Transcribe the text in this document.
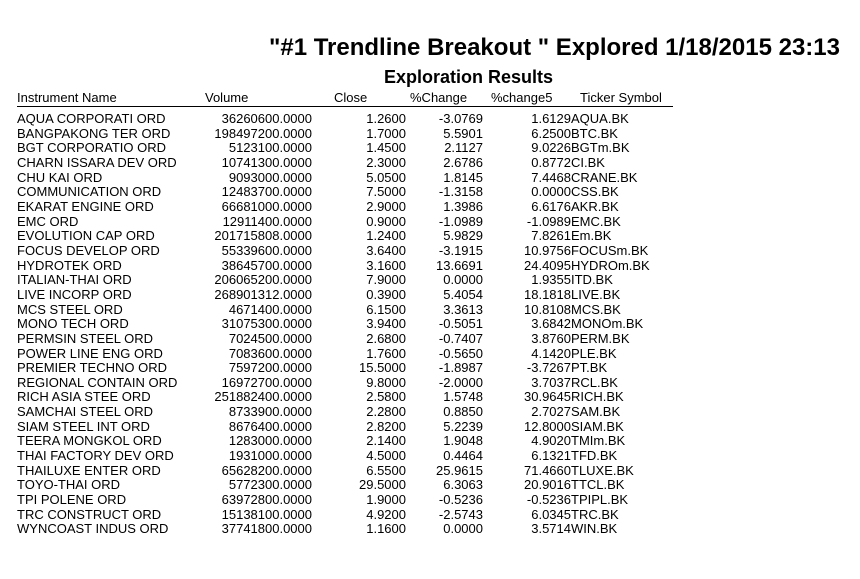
"#1 Trendline Breakout " Explored 1/18/2015 23:13
Exploration Results
Instrument Name	Volume	Close	%Change	%change5	Ticker Symbol
AQUA CORPORATI ORD	36260600.0000	1.2600	-3.0769	1.6129	AQUA.BK
BANGPAKONG TER ORD	198497200.0000	1.7000	5.5901	6.2500	BTC.BK
BGT CORPORATIO ORD	5123100.0000	1.4500	2.1127	9.0226	BGTm.BK
CHARN ISSARA DEV ORD	10741300.0000	2.3000	2.6786	0.8772	CI.BK
CHU KAI ORD	9093000.0000	5.0500	1.8145	7.4468	CRANE.BK
COMMUNICATION ORD	12483700.0000	7.5000	-1.3158	0.0000	CSS.BK
EKARAT ENGINE ORD	66681000.0000	2.9000	1.3986	6.6176	AKR.BK
EMC ORD	12911400.0000	0.9000	-1.0989	-1.0989	EMC.BK
EVOLUTION CAP ORD	201715808.0000	1.2400	5.9829	7.8261	Em.BK
FOCUS DEVELOP ORD	55339600.0000	3.6400	-3.1915	10.9756	FOCUSm.BK
HYDROTEK ORD	38645700.0000	3.1600	13.6691	24.4095	HYDROm.BK
ITALIAN-THAI ORD	206065200.0000	7.9000	0.0000	1.9355	ITD.BK
LIVE INCORP ORD	268901312.0000	0.3900	5.4054	18.1818	LIVE.BK
MCS STEEL ORD	4671400.0000	6.1500	3.3613	10.8108	MCS.BK
MONO TECH ORD	31075300.0000	3.9400	-0.5051	3.6842	MONOm.BK
PERMSIN STEEL ORD	7024500.0000	2.6800	-0.7407	3.8760	PERM.BK
POWER LINE ENG ORD	7083600.0000	1.7600	-0.5650	4.1420	PLE.BK
PREMIER TECHNO ORD	7597200.0000	15.5000	-1.8987	-3.7267	PT.BK
REGIONAL CONTAIN ORD	16972700.0000	9.8000	-2.0000	3.7037	RCL.BK
RICH ASIA STEE ORD	251882400.0000	2.5800	1.5748	30.9645	RICH.BK
SAMCHAI STEEL ORD	8733900.0000	2.2800	0.8850	2.7027	SAM.BK
SIAM STEEL INT ORD	8676400.0000	2.8200	5.2239	12.8000	SIAM.BK
TEERA MONGKOL ORD	1283000.0000	2.1400	1.9048	4.9020	TMIm.BK
THAI FACTORY DEV ORD	1931000.0000	4.5000	0.4464	6.1321	TFD.BK
THAILUXE ENTER ORD	65628200.0000	6.5500	25.9615	71.4660	TLUXE.BK
TOYO-THAI ORD	5772300.0000	29.5000	6.3063	20.9016	TTCL.BK
TPI POLENE ORD	63972800.0000	1.9000	-0.5236	-0.5236	TPIPL.BK
TRC CONSTRUCT ORD	15138100.0000	4.9200	-2.5743	6.0345	TRC.BK
WYNCOAST INDUS ORD	37741800.0000	1.1600	0.0000	3.5714	WIN.BK
